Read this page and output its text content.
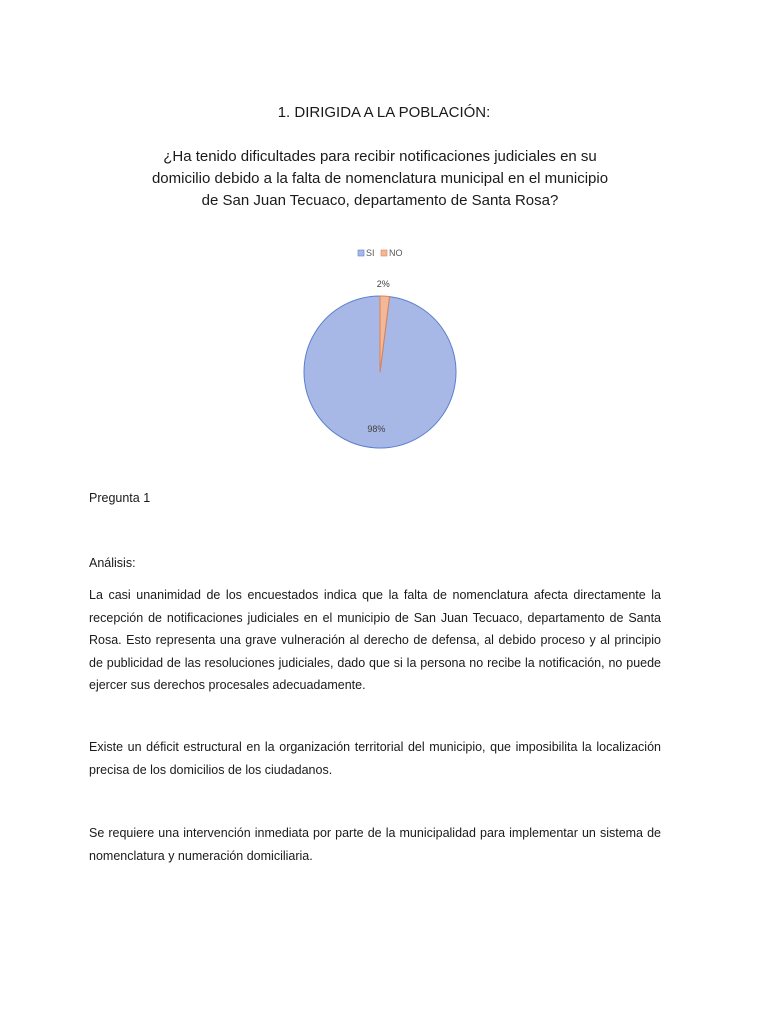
1. DIRIGIDA A LA POBLACIÓN:
¿Ha tenido dificultades para recibir notificaciones judiciales en su domicilio debido a la falta de nomenclatura municipal en el municipio de San Juan Tecuaco, departamento de Santa Rosa?
SI NO
2%
98%
Pregunta 1
Análisis:
La casi unanimidad de los encuestados indica que la falta de nomenclatura afecta directamente la recepción de notificaciones judiciales en el municipio de San Juan Tecuaco, departamento de Santa Rosa. Esto representa una grave vulneración al derecho de defensa, al debido proceso y al principio de publicidad de las resoluciones judiciales, dado que si la persona no recibe la notificación, no puede ejercer sus derechos procesales adecuadamente.
Existe un déficit estructural en la organización territorial del municipio, que imposibilita la localización precisa de los domicilios de los ciudadanos.
Se requiere una intervención inmediata por parte de la municipalidad para implementar un sistema de nomenclatura y numeración domiciliaria.
